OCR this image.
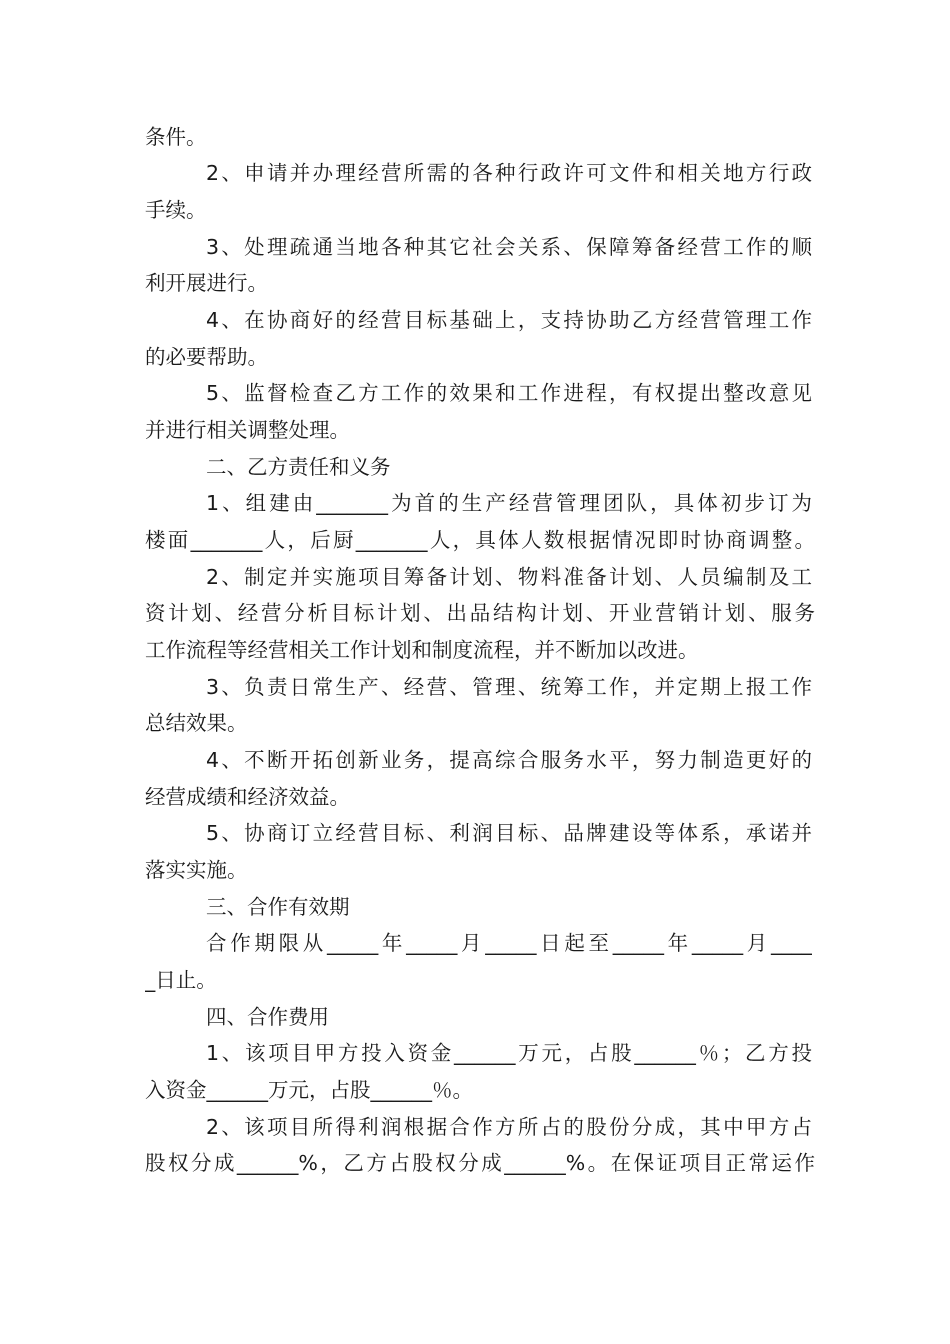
条件。
2、申请并办理经营所需的各种行政许可文件和相关地方行政
手续。
3、处理疏通当地各种其它社会关系、保障筹备经营工作的顺
利开展进行。
4、在协商好的经营目标基础上，支持协助乙方经营管理工作
的必要帮助。
5、监督检查乙方工作的效果和工作进程，有权提出整改意见
并进行相关调整处理。
二、乙方责任和义务
1、组建由_______为首的生产经营管理团队，具体初步订为
楼面_______人，后厨_______人，具体人数根据情况即时协商调整。
2、制定并实施项目筹备计划、物料准备计划、人员编制及工
资计划、经营分析目标计划、出品结构计划、开业营销计划、服务
工作流程等经营相关工作计划和制度流程，并不断加以改进。
3、负责日常生产、经营、管理、统筹工作，并定期上报工作
总结效果。
4、不断开拓创新业务，提高综合服务水平，努力制造更好的
经营成绩和经济效益。
5、协商订立经营目标、利润目标、品牌建设等体系，承诺并
落实实施。
三、合作有效期
合作期限从_____年_____月_____日起至_____年_____月____
_日止。
四、合作费用
1、该项目甲方投入资金______万元，占股______％；乙方投
入资金______万元，占股______％。
2、该项目所得利润根据合作方所占的股份分成，其中甲方占
股权分成______%，乙方占股权分成______%。在保证项目正常运作
